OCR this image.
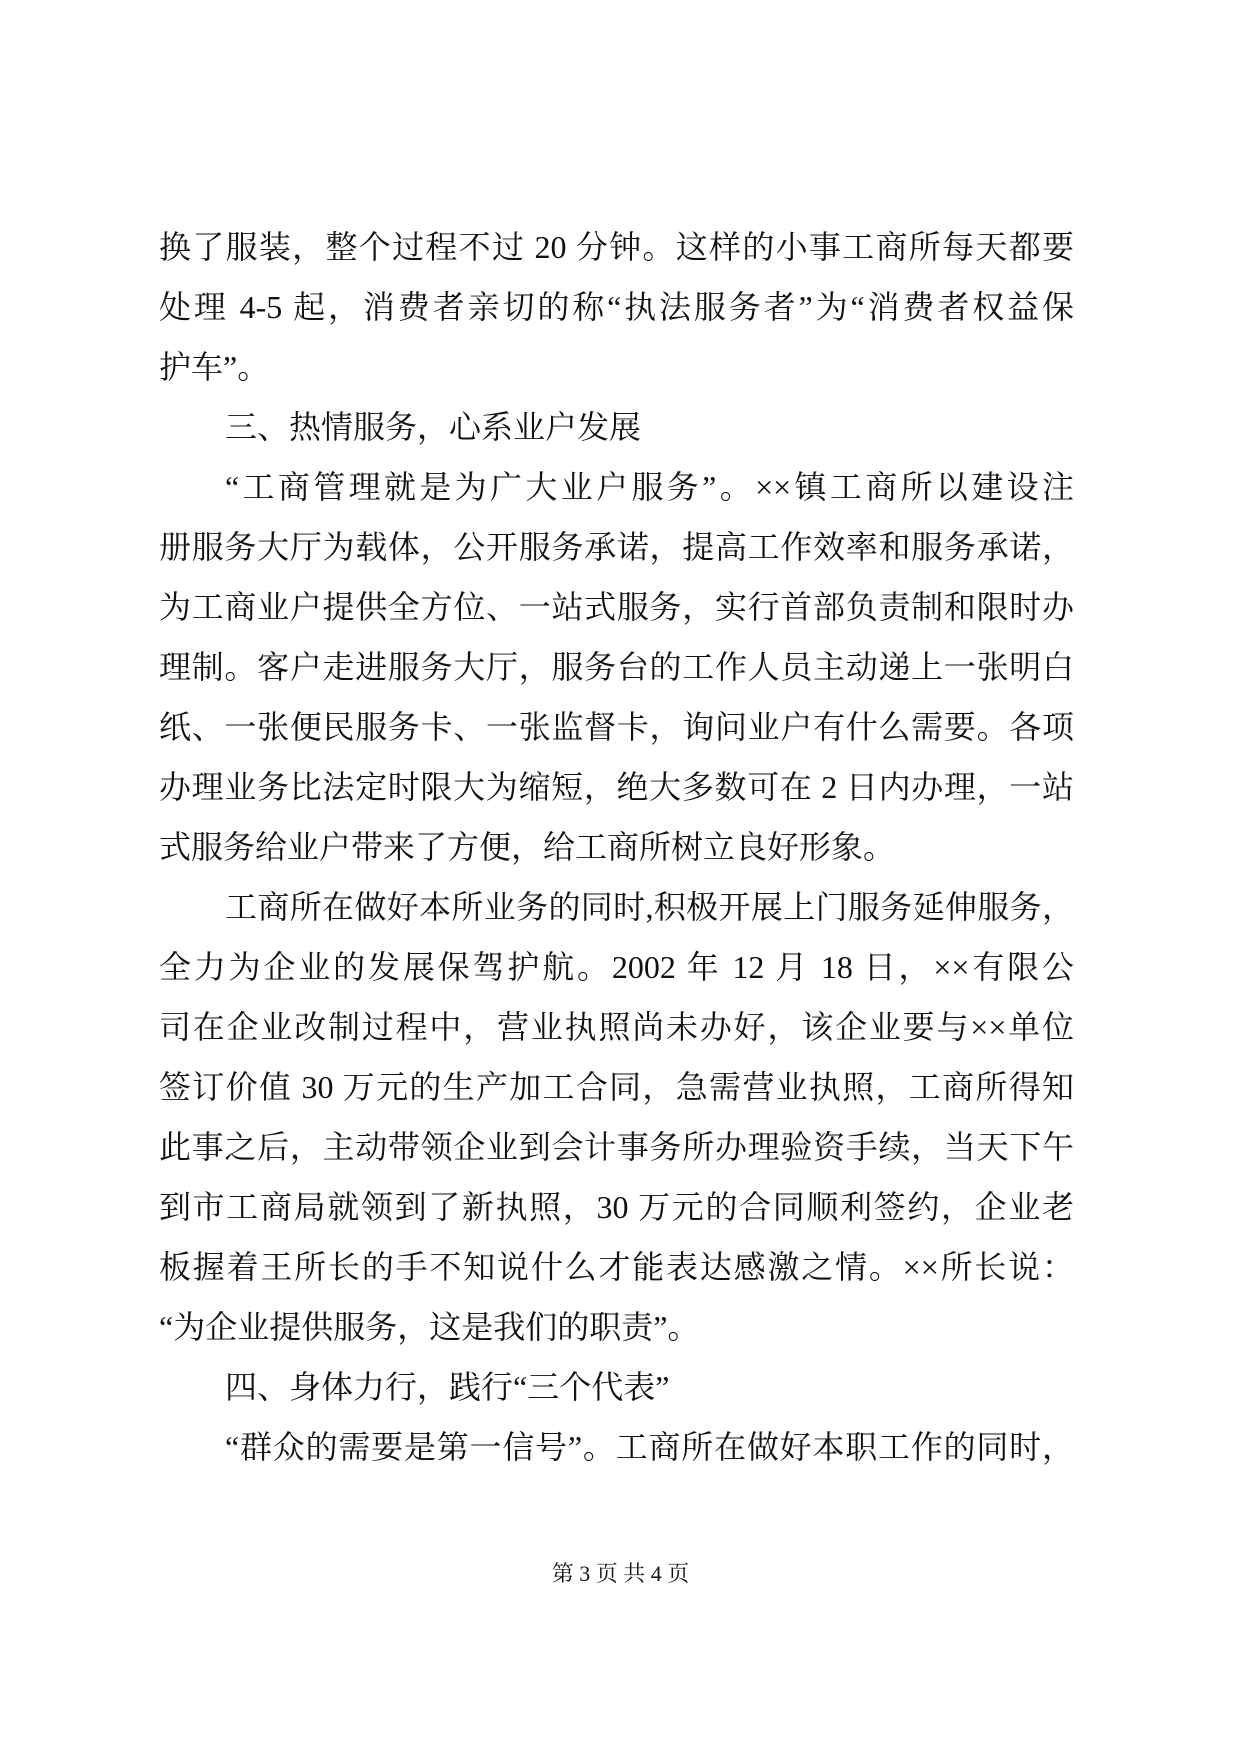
换了服装，整个过程不过 20 分钟。这样的小事工商所每天都要
处理 4-5 起，消费者亲切的称“执法服务者”为“消费者权益保
护车”。
三、热情服务，心系业户发展
“工商管理就是为广大业户服务”。××镇工商所以建设注
册服务大厅为载体，公开服务承诺，提高工作效率和服务承诺，
为工商业户提供全方位、一站式服务，实行首部负责制和限时办
理制。客户走进服务大厅，服务台的工作人员主动递上一张明白
纸、一张便民服务卡、一张监督卡，询问业户有什么需要。各项
办理业务比法定时限大为缩短，绝大多数可在 2 日内办理，一站
式服务给业户带来了方便，给工商所树立良好形象。
工商所在做好本所业务的同时,积极开展上门服务延伸服务，
全力为企业的发展保驾护航。2002 年 12 月 18 日，××有限公
司在企业改制过程中，营业执照尚未办好，该企业要与××单位
签订价值 30 万元的生产加工合同，急需营业执照，工商所得知
此事之后，主动带领企业到会计事务所办理验资手续，当天下午
到市工商局就领到了新执照，30 万元的合同顺利签约，企业老
板握着王所长的手不知说什么才能表达感激之情。××所长说：
“为企业提供服务，这是我们的职责”。
四、身体力行，践行“三个代表”
“群众的需要是第一信号”。工商所在做好本职工作的同时，
第 3 页 共 4 页
